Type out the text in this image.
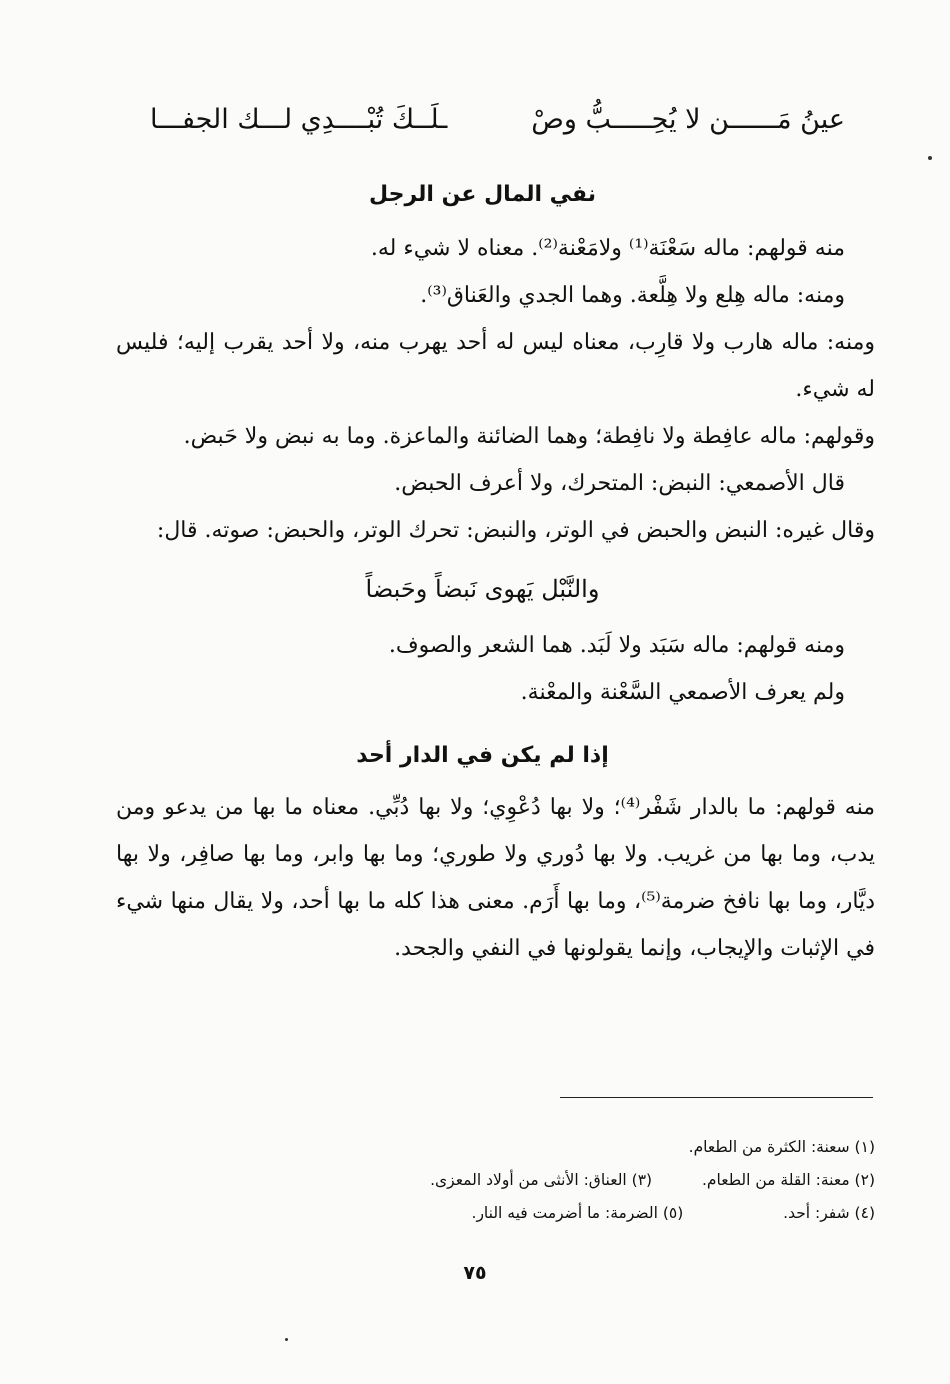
عينُ مَــــــن لا يُحِـــــبُّ وصْ
ـلَــكَ تُبْــــدِي لـــك الجفـــا
نفي المال عن الرجل

منه قولهم: ماله سَعْنَة⁽¹⁾ ولامَعْنة⁽²⁾. معناه لا شيء له.

ومنه: ماله هِلع ولا هِلَّعة. وهما الجدي والعَناق⁽³⁾.

ومنه: ماله هارب ولا قارِب، معناه ليس له أحد يهرب منه، ولا أحد يقرب إليه؛ فليس له شيء.

وقولهم: ماله عافِطة ولا نافِطة؛ وهما الضائنة والماعزة. وما به نبض ولا حَبض.

قال الأصمعي: النبض: المتحرك، ولا أعرف الحبض.

وقال غيره: النبض والحبض في الوتر، والنبض: تحرك الوتر، والحبض: صوته. قال:

والنَّبْل يَهوى نَبضاً وحَبضاً

ومنه قولهم: ماله سَبَد ولا لَبَد. هما الشعر والصوف.

ولم يعرف الأصمعي السَّعْنة والمعْنة.

إذا لم يكن في الدار أحد

منه قولهم: ما بالدار شَفْر⁽⁴⁾؛ ولا بها دُعْوِي؛ ولا بها دُبِّي. معناه ما بها من يدعو ومن يدب، وما بها من غريب. ولا بها دُوري ولا طوري؛ وما بها وابر، وما بها صافِر، ولا بها ديَّار، وما بها نافخ ضرمة⁽⁵⁾، وما بها أَرَم. معنى هذا كله ما بها أحد، ولا يقال منها شيء في الإثبات والإيجاب، وإنما يقولونها في النفي والجحد.

(١) سعنة: الكثرة من الطعام.
(٢) معنة: القلة من الطعام.  (٣) العناق: الأنثى من أولاد المعزى.
(٤) شفر: أحد.  (٥) الضرمة: ما أضرمت فيه النار.
٧٥
